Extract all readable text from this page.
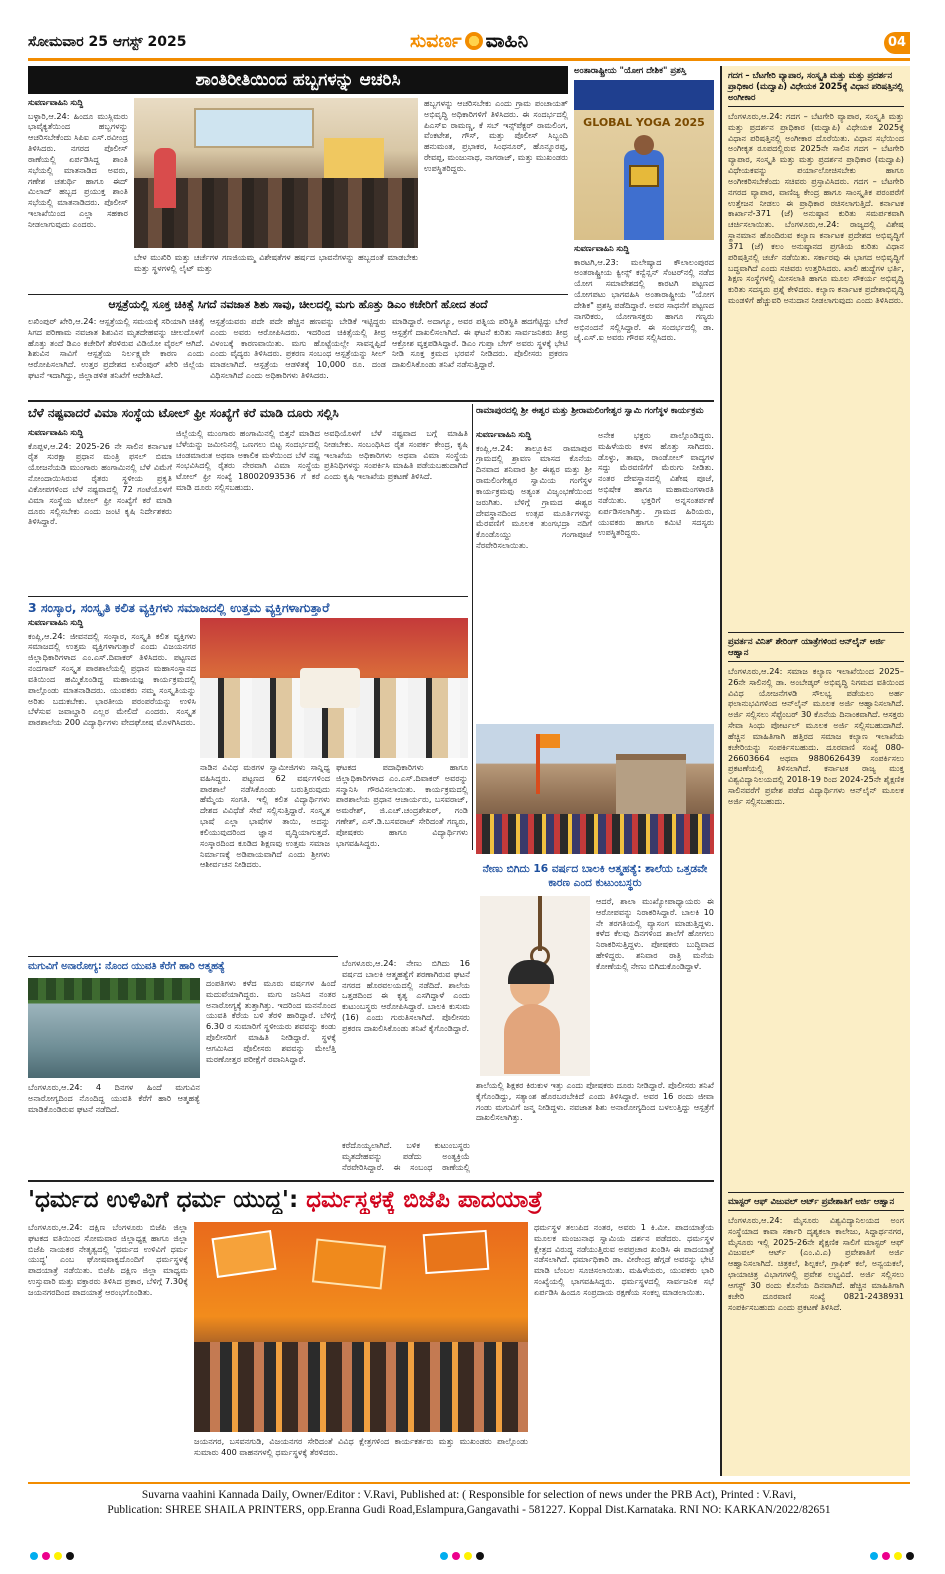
ಸೋಮವಾರ 25 ಆಗಸ್ಟ್ 2025	ಸುವರ್ಣ ವಾಹಿನಿ	04
ಶಾಂತಿರೀತಿಯಿಂದ ಹಬ್ಬಗಳನ್ನು ಆಚರಿಸಿ
ಸುವರ್ಣವಾಹಿನಿ ಸುದ್ದಿ
ಬಳ್ಳಾರಿ,ಆ.24: ಹಿಂದೂ ಮುಸ್ಲಿಮರು ಭಾವೈಕ್ಯತೆಯಿಂದ ಹಬ್ಬಗಳನ್ನು ಆಚರಿಸಬೇಕೆಂದು ಸಿಪಿಐ ಎಸ್.ರವೀಂದ್ರ ತಿಳಿಸಿದರು. ನಗರದ ಪೊಲೀಸ್ ಠಾಣೆಯಲ್ಲಿ ಏರ್ಪಡಿಸಿದ್ದ ಶಾಂತಿ ಸಭೆಯಲ್ಲಿ ಮಾತನಾಡಿದ ಅವರು, ಗಣೇಶ ಚತುರ್ಥಿ ಹಾಗೂ ಈದ್ ಮಿಲಾದ್ ಹಬ್ಬದ ಪ್ರಯುಕ್ತ ಶಾಂತಿ ಸಭೆಯಲ್ಲಿ ಮಾತನಾಡಿದರು. ಪೊಲೀಸ್ ಇಲಾಖೆಯಿಂದ ಎಲ್ಲಾ ಸಹಕಾರ ನೀಡಲಾಗುವುದು ಎಂದರು.
ಬೇಳ ಮುಖಿರಿ ಮತ್ತು ಚರ್ಚೆಗಳ ಗಣಜಿಯಮ್ಮ ವಿಶೇಷತೆಗಳ ಹರ್ಷದ ಭಾವನೆಗಳನ್ನು ಹಬ್ಬದಂತೆ ಮಾಡಬೇಕು ಮತ್ತು ಸ್ಥಳಗಳಲ್ಲಿ ಲೈಟ್ ಮತ್ತು
ಹಬ್ಬಗಳನ್ನು ಆಚರಿಸಬೇಕು ಎಂದು ಗ್ರಾಮ ಪಂಚಾಯತ್ ಅಭಿವೃದ್ಧಿ ಅಧಿಕಾರಿಗಳಿಗೆ ತಿಳಿಸಿದರು. ಈ ಸಂದರ್ಭದಲ್ಲಿ ಪಿಎಸ್ಐ ರಾಮಣ್ಣ, ಕೆ ಸಬ್ ಇನ್ಸ್‌ಪೆಕ್ಟರ್ ರಾಮಲಿಂಗ, ವೆಂಕಟೇಶ, ಗೌಸ್, ಮತ್ತು ಪೊಲೀಸ್ ಸಿಬ್ಬಂದಿ ಹನುಮಂತ, ಪ್ರಭಾಕರ, ಸಿಂಧನೂರ್, ಹೊನ್ನೂರಪ್ಪ, ರೇವಪ್ಪ, ಮಂಜುನಾಥ, ನಾಗರಾಜ್, ಮತ್ತು ಮುಖಂಡರು ಉಪಸ್ಥಿತರಿದ್ದರು.
ಆಸ್ಪತ್ರೆಯಲ್ಲಿ ಸೂಕ್ತ ಚಿಕಿತ್ಸೆ ಸಿಗದೆ ನವಜಾತ ಶಿಶು ಸಾವು, ಚೀಲದಲ್ಲಿ ಮಗು ಹೊತ್ತು ಡಿಎಂ ಕಚೇರಿಗೆ ಹೋದ ತಂದೆ
ಲಖಿಂಪುರ್ ಖೇರಿ,ಆ.24: ಆಸ್ಪತ್ರೆಯಲ್ಲಿ ಸಮಯಕ್ಕೆ ಸರಿಯಾಗಿ ಚಿಕಿತ್ಸೆ ಸಿಗದ ಪರಿಣಾಮ ನವಜಾತ ಶಿಶುವಿನ ಮೃತದೇಹವನ್ನು ಚೀಲದೊಳಗೆ ಹೊತ್ತು ತಂದೆ ಡಿಎಂ ಕಚೇರಿಗೆ ತೆರಳಿರುವ ವಿಡಿಯೋ ವೈರಲ್ ಆಗಿದೆ. ಶಿಶುವಿನ ಸಾವಿಗೆ ಆಸ್ಪತ್ರೆಯ ನಿರ್ಲಕ್ಷ್ಯವೇ ಕಾರಣ ಎಂದು ಆರೋಪಿಸಲಾಗಿದೆ. ಉತ್ತರ ಪ್ರದೇಶದ ಲಖಿಂಪುರ್ ಖೇರಿ ಜಿಲ್ಲೆಯ ಘಟನೆ ಇದಾಗಿದ್ದು, ಜಿಲ್ಲಾಡಳಿತ ತನಿಖೆಗೆ ಆದೇಶಿಸಿದೆ.
ಆಸ್ಪತ್ರೆಯವರು ಪದೇ ಪದೇ ಹೆಚ್ಚಿನ ಹಣವನ್ನು ಬೇಡಿಕೆ ಇಟ್ಟಿದ್ದರು ಎಂದು ಅವರು ಆರೋಪಿಸಿದರು. ಇದರಿಂದ ಚಿಕಿತ್ಸೆಯಲ್ಲಿ ತೀವ್ರ ವಿಳಂಬಕ್ಕೆ ಕಾರಣವಾಯಿತು. ಮಗು ಹೊಟ್ಟೆಯಲ್ಲೇ ಸಾವನ್ನಪ್ಪಿದೆ ಎಂದು ವೈದ್ಯರು ತಿಳಿಸಿದರು. ಪ್ರಕರಣ ಸಂಬಂಧ ಆಸ್ಪತ್ರೆಯನ್ನು ಸೀಲ್ ಮಾಡಲಾಗಿದೆ. ಆಸ್ಪತ್ರೆಯ ಆಡಳಿತಕ್ಕೆ 10,000 ರೂ. ದಂಡ ವಿಧಿಸಲಾಗಿದೆ ಎಂದು ಅಧಿಕಾರಿಗಳು ತಿಳಿಸಿದರು.
ಮಾಡಿದ್ದಾರೆ. ಅದಾಗ್ಯೂ, ಅವರ ಪತ್ನಿಯ ಪರಿಸ್ಥಿತಿ ಹದಗೆಟ್ಟಿದ್ದು ಬೇರೆ ಆಸ್ಪತ್ರೆಗೆ ದಾಖಲಿಸಲಾಗಿದೆ. ಈ ಘಟನೆ ಕುರಿತು ಸಾರ್ವಜನಿಕರು ತೀವ್ರ ಆಕ್ರೋಶ ವ್ಯಕ್ತಪಡಿಸಿದ್ದಾರೆ. ಡಿಎಂ ಗುಪ್ತಾ ಬೇಗ್ ಅವರು ಸ್ಥಳಕ್ಕೆ ಭೇಟಿ ನೀಡಿ ಸೂಕ್ತ ಕ್ರಮದ ಭರವಸೆ ನೀಡಿದರು. ಪೊಲೀಸರು ಪ್ರಕರಣ ದಾಖಲಿಸಿಕೊಂಡು ತನಿಖೆ ನಡೆಸುತ್ತಿದ್ದಾರೆ.
ಅಂತಾರಾಷ್ಟ್ರೀಯ "ಯೋಗ ದೇಶಿಕ" ಪ್ರಶಸ್ತಿ
GLOBAL YOGA 2025
ಸುವರ್ಣವಾಹಿನಿ ಸುದ್ದಿ
ಕಾರಟಗಿ,ಆ.23: ಮಲೇಷ್ಯಾದ ಕೌಲಾಲಂಪುರದ ಅಂತರಾಷ್ಟ್ರೀಯ ಕ್ವೀನ್ಸ್ ಕನ್ವೆನ್ಷನ್ ಸೆಂಟರ್‌ನಲ್ಲಿ ನಡೆದ ಯೋಗ ಸಮಾವೇಶದಲ್ಲಿ ಕಾರಟಗಿ ಪಟ್ಟಣದ ಯೋಗಪಟು ಭಾಗವಹಿಸಿ ಅಂತಾರಾಷ್ಟ್ರೀಯ "ಯೋಗ ದೇಶಿಕ" ಪ್ರಶಸ್ತಿ ಪಡೆದಿದ್ದಾರೆ. ಅವರ ಸಾಧನೆಗೆ ಪಟ್ಟಣದ ನಾಗರಿಕರು, ಯೋಗಾಸಕ್ತರು ಹಾಗೂ ಗಣ್ಯರು ಅಭಿನಂದನೆ ಸಲ್ಲಿಸಿದ್ದಾರೆ. ಈ ಸಂದರ್ಭದಲ್ಲಿ ಡಾ. ಜೈ.ಎಸ್.ಐ ಅವರು ಗೌರವ ಸಲ್ಲಿಸಿದರು.
ಬೆಳೆ ನಷ್ಟವಾದರೆ ವಿಮಾ ಸಂಸ್ಥೆಯ ಟೋಲ್ ಫ್ರೀ ಸಂಖ್ಯೆಗೆ ಕರೆ ಮಾಡಿ ದೂರು ಸಲ್ಲಿಸಿ
ಸುವರ್ಣವಾಹಿನಿ ಸುದ್ದಿ
ಕೊಪ್ಪಳ,ಆ.24: 2025-26 ನೇ ಸಾಲಿನ ಕರ್ನಾಟಕ ರೈತ ಸುರಕ್ಷಾ ಪ್ರಧಾನ ಮಂತ್ರಿ ಫಸಲ್ ಬಿಮಾ ಯೋಜನೆಯಡಿ ಮುಂಗಾರು ಹಂಗಾಮಿನಲ್ಲಿ ಬೆಳೆ ವಿಮೆಗೆ ನೋಂದಾಯಿಸಿರುವ ರೈತರು ಸ್ಥಳೀಯ ಪ್ರಕೃತಿ ವಿಕೋಪಗಳಿಂದ ಬೆಳೆ ನಷ್ಟವಾದಲ್ಲಿ 72 ಗಂಟೆಯೊಳಗೆ ವಿಮಾ ಸಂಸ್ಥೆಯ ಟೋಲ್ ಫ್ರೀ ಸಂಖ್ಯೆಗೆ ಕರೆ ಮಾಡಿ ದೂರು ಸಲ್ಲಿಸಬೇಕು ಎಂದು ಜಂಟಿ ಕೃಷಿ ನಿರ್ದೇಶಕರು ತಿಳಿಸಿದ್ದಾರೆ.
ಜಿಲ್ಲೆಯಲ್ಲಿ ಮುಂಗಾರು ಹಂಗಾಮಿನಲ್ಲಿ ಬಿತ್ತನೆ ಮಾಡಿದ ಬೆಳೆಯನ್ನು ಜಮೀನಿನಲ್ಲಿ ಒಣಗಲು ಬಿಟ್ಟ ಸಂದರ್ಭದಲ್ಲಿ ಚಂಡಮಾರುತ ಅಥವಾ ಅಕಾಲಿಕ ಮಳೆಯಿಂದ ಬೆಳೆ ನಷ್ಟ ಸಂಭವಿಸಿದಲ್ಲಿ ರೈತರು ನೇರವಾಗಿ ವಿಮಾ ಸಂಸ್ಥೆಯ ಟೋಲ್ ಫ್ರೀ ಸಂಖ್ಯೆ 18002093536 ಗೆ ಕರೆ ಮಾಡಿ ದೂರು ಸಲ್ಲಿಸಬಹುದು.
ಅವಧಿಯೊಳಗೆ ಬೆಳೆ ನಷ್ಟವಾದ ಬಗ್ಗೆ ಮಾಹಿತಿ ನೀಡಬೇಕು. ಸಂಬಂಧಿಸಿದ ರೈತ ಸಂಪರ್ಕ ಕೇಂದ್ರ, ಕೃಷಿ ಇಲಾಖೆಯ ಅಧಿಕಾರಿಗಳು ಅಥವಾ ವಿಮಾ ಸಂಸ್ಥೆಯ ಪ್ರತಿನಿಧಿಗಳನ್ನು ಸಂಪರ್ಕಿಸಿ ಮಾಹಿತಿ ಪಡೆಯಬಹುದಾಗಿದೆ ಎಂದು ಕೃಷಿ ಇಲಾಖೆಯ ಪ್ರಕಟಣೆ ತಿಳಿಸಿದೆ.
3 ಸಂಸ್ಕಾರ, ಸಂಸ್ಕೃತಿ ಕಲಿತ ವ್ಯಕ್ತಿಗಳು ಸಮಾಜದಲ್ಲಿ ಉತ್ತಮ ವ್ಯಕ್ತಿಗಳಾಗುತ್ತಾರೆ
ಸುವರ್ಣವಾಹಿನಿ ಸುದ್ದಿ
ಕಂಪ್ಲಿ,ಆ.24: ಜೀವನದಲ್ಲಿ ಸಂಸ್ಕಾರ, ಸಂಸ್ಕೃತಿ ಕಲಿತ ವ್ಯಕ್ತಿಗಳು ಸಮಾಜದಲ್ಲಿ ಉತ್ತಮ ವ್ಯಕ್ತಿಗಳಾಗುತ್ತಾರೆ ಎಂದು ವಿಜಯನಗರ ಜಿಲ್ಲಾಧಿಕಾರಿಗಳಾದ ಎಂ.ಎಸ್.ದಿವಾಕರ್ ತಿಳಿಸಿದರು. ಪಟ್ಟಣದ ನಂದಗಾವ್ ಸಂಸ್ಕೃತ ಪಾಠಶಾಲೆಯಲ್ಲಿ ಪ್ರಧಾನ ಮಹಾಸಂಸ್ಥಾನದ ವತಿಯಿಂದ ಹಮ್ಮಿಕೊಂಡಿದ್ದ ಮಹಾಯಜ್ಞ ಕಾರ್ಯಕ್ರಮದಲ್ಲಿ ಪಾಲ್ಗೊಂಡು ಮಾತನಾಡಿದರು. ಯುವಕರು ನಮ್ಮ ಸಂಸ್ಕೃತಿಯನ್ನು ಅರಿತು ಬದುಕಬೇಕು. ಭಾರತೀಯ ಪರಂಪರೆಯನ್ನು ಉಳಿಸಿ ಬೆಳೆಸುವ ಜವಾಬ್ದಾರಿ ಎಲ್ಲರ ಮೇಲಿದೆ ಎಂದರು. ಸಂಸ್ಕೃತ ಪಾಠಶಾಲೆಯ 200 ವಿದ್ಯಾರ್ಥಿಗಳು ವೇದಘೋಷ ಮೊಳಗಿಸಿದರು.
ನಾಡಿನ ವಿವಿಧ ಮಠಗಳ ಸ್ವಾಮೀಜಿಗಳು ಸಾನ್ನಿಧ್ಯ ವಹಿಸಿದ್ದರು. ಪಟ್ಟಣದ 62 ವರ್ಷಗಳಿಂದ ಪಾಠಶಾಲೆ ನಡೆಸಿಕೊಂಡು ಬರುತ್ತಿರುವುದು ಹೆಮ್ಮೆಯ ಸಂಗತಿ. ಇಲ್ಲಿ ಕಲಿತ ವಿದ್ಯಾರ್ಥಿಗಳು ದೇಶದ ವಿವಿಧೆಡೆ ಸೇವೆ ಸಲ್ಲಿಸುತ್ತಿದ್ದಾರೆ. ಸಂಸ್ಕೃತ ಭಾಷೆ ಎಲ್ಲಾ ಭಾಷೆಗಳ ತಾಯಿ, ಅದನ್ನು ಕಲಿಯುವುದರಿಂದ ಜ್ಞಾನ ವೃದ್ಧಿಯಾಗುತ್ತದೆ. ಸಂಸ್ಕಾರದಿಂದ ಕೂಡಿದ ಶಿಕ್ಷಣವು ಉತ್ತಮ ಸಮಾಜ ನಿರ್ಮಾಣಕ್ಕೆ ಅಡಿಪಾಯವಾಗಿದೆ ಎಂದು ಶ್ರೀಗಳು ಆಶೀರ್ವಚನ ನೀಡಿದರು.
ಘಟಕದ ಪದಾಧಿಕಾರಿಗಳು ಹಾಗೂ ಜಿಲ್ಲಾಧಿಕಾರಿಗಳಾದ ಎಂ.ಎಸ್.ದಿವಾಕರ್ ಅವರನ್ನು ಸನ್ಮಾನಿಸಿ ಗೌರವಿಸಲಾಯಿತು. ಕಾರ್ಯಕ್ರಮದಲ್ಲಿ ಪಾಠಶಾಲೆಯ ಪ್ರಧಾನ ಆಚಾರ್ಯರು, ಬಸವರಾಜ್, ಅಮರೇಶ್, ಜಿ.ಎಚ್.ಚಂದ್ರಶೇಖರ್, ಗಂಡಿ ಗಣೇಶ್, ಎಸ್.ಡಿ.ಬಸವರಾಜ್ ಸೇರಿದಂತೆ ಗಣ್ಯರು, ಪೋಷಕರು ಹಾಗೂ ವಿದ್ಯಾರ್ಥಿಗಳು ಭಾಗವಹಿಸಿದ್ದರು.
ರಾಮಾಪುರದಲ್ಲಿ ಶ್ರೀ ಈಶ್ವರ ಮತ್ತು ಶ್ರೀರಾಮಲಿಂಗೇಶ್ವರ ಸ್ವಾಮಿ ಗಂಗೆಸ್ಥಳ ಕಾರ್ಯಕ್ರಮ
ಸುವರ್ಣವಾಹಿನಿ ಸುದ್ದಿ
ಕಂಪ್ಲಿ,ಆ.24: ತಾಲ್ಲೂಕಿನ ರಾಮಾಪುರ ಗ್ರಾಮದಲ್ಲಿ ಶ್ರಾವಣ ಮಾಸದ ಕೊನೆಯ ದಿನವಾದ ಶನಿವಾರ ಶ್ರೀ ಈಶ್ವರ ಮತ್ತು ಶ್ರೀ ರಾಮಲಿಂಗೇಶ್ವರ ಸ್ವಾಮಿಯ ಗಂಗೆಸ್ಥಳ ಕಾರ್ಯಕ್ರಮವು ಅತ್ಯಂತ ವಿಜೃಂಭಣೆಯಿಂದ ಜರುಗಿತು. ಬೆಳಿಗ್ಗೆ ಗ್ರಾಮದ ಈಶ್ವರ ದೇವಸ್ಥಾನದಿಂದ ಉತ್ಸವ ಮೂರ್ತಿಗಳನ್ನು ಮೆರವಣಿಗೆ ಮೂಲಕ ತುಂಗಭದ್ರಾ ನದಿಗೆ ಕೊಂಡೊಯ್ದು ಗಂಗಾಪೂಜೆ ನೆರವೇರಿಸಲಾಯಿತು.
ಅನೇಕ ಭಕ್ತರು ಪಾಲ್ಗೊಂಡಿದ್ದರು. ಮಹಿಳೆಯರು ಕಳಸ ಹೊತ್ತು ಸಾಗಿದರು. ಡೊಳ್ಳು, ತಾಷಾ, ರಾಂಡೋಲ್ ವಾದ್ಯಗಳ ಸದ್ದು ಮೆರವಣಿಗೆಗೆ ಮೆರುಗು ನೀಡಿತು. ನಂತರ ದೇವಸ್ಥಾನದಲ್ಲಿ ವಿಶೇಷ ಪೂಜೆ, ಅಭಿಷೇಕ ಹಾಗೂ ಮಹಾಮಂಗಳಾರತಿ ನಡೆಯಿತು. ಭಕ್ತರಿಗೆ ಅನ್ನಸಂತರ್ಪಣೆ ಏರ್ಪಡಿಸಲಾಗಿತ್ತು. ಗ್ರಾಮದ ಹಿರಿಯರು, ಯುವಕರು ಹಾಗೂ ಕಮಿಟಿ ಸದಸ್ಯರು ಉಪಸ್ಥಿತರಿದ್ದರು.
ನೇಣು ಬಿಗಿದು 16 ವರ್ಷದ ಬಾಲಕಿ ಆತ್ಮಹತ್ಯೆ: ಶಾಲೆಯ ಒತ್ತಡವೇ ಕಾರಣ ಎಂದ ಕುಟುಂಬಸ್ಥರು
ಆದರೆ, ಶಾಲಾ ಮುಖ್ಯೋಪಾಧ್ಯಾಯರು ಈ ಆರೋಪವನ್ನು ನಿರಾಕರಿಸಿದ್ದಾರೆ. ಬಾಲಕಿ 10 ನೇ ತರಗತಿಯಲ್ಲಿ ವ್ಯಾಸಂಗ ಮಾಡುತ್ತಿದ್ದಳು. ಕಳೆದ ಕೆಲವು ದಿನಗಳಿಂದ ಶಾಲೆಗೆ ಹೋಗಲು ನಿರಾಕರಿಸುತ್ತಿದ್ದಳು. ಪೋಷಕರು ಬುದ್ಧಿವಾದ ಹೇಳಿದ್ದರು. ಶನಿವಾರ ರಾತ್ರಿ ಮನೆಯ ಕೋಣೆಯಲ್ಲಿ ನೇಣು ಬಿಗಿದುಕೊಂಡಿದ್ದಾಳೆ.
ಶಾಲೆಯಲ್ಲಿ ಶಿಕ್ಷಕರ ಕಿರುಕುಳ ಇತ್ತು ಎಂದು ಪೋಷಕರು ದೂರು ನೀಡಿದ್ದಾರೆ. ಪೊಲೀಸರು ತನಿಖೆ ಕೈಗೊಂಡಿದ್ದು, ಸತ್ಯಾಂಶ ಹೊರಬರಬೇಕಿದೆ ಎಂದು ತಿಳಿಸಿದ್ದಾರೆ. ಅವರ 16 ರಂದು ಜೀವಾ ಗಂಡು ಮಗುವಿಗೆ ಜನ್ಮ ನೀಡಿದ್ದಳು. ನವಜಾತ ಶಿಶು ಅನಾರೋಗ್ಯದಿಂದ ಬಳಲುತ್ತಿದ್ದು ಆಸ್ಪತ್ರೆಗೆ ದಾಖಲಿಸಲಾಗಿತ್ತು.
ಮಗುವಿಗೆ ಅನಾರೋಗ್ಯ: ನೊಂದ ಯುವತಿ ಕೆರೆಗೆ ಹಾರಿ ಆತ್ಮಹತ್ಯೆ
ಬೆಂಗಳೂರು,ಆ.24: 4 ದಿನಗಳ ಹಿಂದೆ ಮಗುವಿನ ಅನಾರೋಗ್ಯದಿಂದ ನೊಂದಿದ್ದ ಯುವತಿ ಕೆರೆಗೆ ಹಾರಿ ಆತ್ಮಹತ್ಯೆ ಮಾಡಿಕೊಂಡಿರುವ ಘಟನೆ ನಡೆದಿದೆ.
ದಂಪತಿಗಳು ಕಳೆದ ಮೂರು ವರ್ಷಗಳ ಹಿಂದೆ ಮದುವೆಯಾಗಿದ್ದರು. ಮಗು ಜನಿಸಿದ ನಂತರ ಅನಾರೋಗ್ಯಕ್ಕೆ ತುತ್ತಾಗಿತ್ತು. ಇದರಿಂದ ಮನನೊಂದ ಯುವತಿ ಕೆರೆಯ ಬಳಿ ತೆರಳಿ ಹಾರಿದ್ದಾರೆ. ಬೆಳಿಗ್ಗೆ 6.30 ರ ಸುಮಾರಿಗೆ ಸ್ಥಳೀಯರು ಶವವನ್ನು ಕಂಡು ಪೊಲೀಸರಿಗೆ ಮಾಹಿತಿ ನೀಡಿದ್ದಾರೆ. ಸ್ಥಳಕ್ಕೆ ಆಗಮಿಸಿದ ಪೊಲೀಸರು ಶವವನ್ನು ಮೇಲೆತ್ತಿ ಮರಣೋತ್ತರ ಪರೀಕ್ಷೆಗೆ ರವಾನಿಸಿದ್ದಾರೆ.
ಬೆಂಗಳೂರು,ಆ.24: ನೇಣು ಬಿಗಿದು 16 ವರ್ಷದ ಬಾಲಕಿ ಆತ್ಮಹತ್ಯೆಗೆ ಶರಣಾಗಿರುವ ಘಟನೆ ನಗರದ ಹೊರವಲಯದಲ್ಲಿ ನಡೆದಿದೆ. ಶಾಲೆಯ ಒತ್ತಡದಿಂದ ಈ ಕೃತ್ಯ ಎಸಗಿದ್ದಾಳೆ ಎಂದು ಕುಟುಂಬಸ್ಥರು ಆರೋಪಿಸಿದ್ದಾರೆ. ಬಾಲಕಿ ಕುಸುಮ (16) ಎಂದು ಗುರುತಿಸಲಾಗಿದೆ. ಪೊಲೀಸರು ಪ್ರಕರಣ ದಾಖಲಿಸಿಕೊಂಡು ತನಿಖೆ ಕೈಗೊಂಡಿದ್ದಾರೆ.
ಕರೆದೊಯ್ಯಲಾಗಿದೆ. ಬಳಿಕ ಕುಟುಂಬಸ್ಥರು ಮೃತದೇಹವನ್ನು ಪಡೆದು ಅಂತ್ಯಕ್ರಿಯೆ ನೆರವೇರಿಸಿದ್ದಾರೆ. ಈ ಸಂಬಂಧ ಠಾಣೆಯಲ್ಲಿ
'ಧರ್ಮದ ಉಳಿವಿಗೆ ಧರ್ಮ ಯುದ್ಧ': ಧರ್ಮಸ್ಥಳಕ್ಕೆ ಬಿಜೆಪಿ ಪಾದಯಾತ್ರೆ
ಬೆಂಗಳೂರು,ಆ.24: ದಕ್ಷಿಣ ಬೆಂಗಳೂರು ಬಿಜೆಪಿ ಜಿಲ್ಲಾ ಘಟಕದ ವತಿಯಿಂದ ಸೋಮವಾರ ಜಿಲ್ಲಾಧ್ಯಕ್ಷ ಹಾಗೂ ಜಿಲ್ಲಾ ಬಿಜೆಪಿ ನಾಯಕರ ನೇತೃತ್ವದಲ್ಲಿ 'ಧರ್ಮದ ಉಳಿವಿಗೆ ಧರ್ಮ ಯುದ್ಧ' ಎಂಬ ಘೋಷವಾಕ್ಯದೊಂದಿಗೆ ಧರ್ಮಸ್ಥಳಕ್ಕೆ ಪಾದಯಾತ್ರೆ ನಡೆಯಿತು. ಬಿಜೆಪಿ ದಕ್ಷಿಣ ಜಿಲ್ಲಾ ಮಾಧ್ಯಮ ಉಸ್ತುವಾರಿ ಮತ್ತು ವಕ್ತಾರರು ತಿಳಿಸಿದ ಪ್ರಕಾರ, ಬೆಳಿಗ್ಗೆ 7.30ಕ್ಕೆ ಜಯನಗರದಿಂದ ಪಾದಯಾತ್ರೆ ಆರಂಭಗೊಂಡಿತು.
ಜಯನಗರ, ಬಸವನಗುಡಿ, ವಿಜಯನಗರ ಸೇರಿದಂತೆ ವಿವಿಧ ಕ್ಷೇತ್ರಗಳಿಂದ ಕಾರ್ಯಕರ್ತರು ಮತ್ತು ಮುಖಂಡರು ಪಾಲ್ಗೊಂಡು ಸುಮಾರು 400 ವಾಹನಗಳಲ್ಲಿ ಧರ್ಮಸ್ಥಳಕ್ಕೆ ತೆರಳಿದರು.
ಧರ್ಮಸ್ಥಳ ತಲುಪಿದ ನಂತರ, ಅವರು 1 ಕಿ.ಮೀ. ಪಾದಯಾತ್ರೆಯ ಮೂಲಕ ಮಂಜುನಾಥ ಸ್ವಾಮಿಯ ದರ್ಶನ ಪಡೆದರು. ಧರ್ಮಸ್ಥಳ ಕ್ಷೇತ್ರದ ವಿರುದ್ಧ ನಡೆಯುತ್ತಿರುವ ಅಪಪ್ರಚಾರ ಖಂಡಿಸಿ ಈ ಪಾದಯಾತ್ರೆ ನಡೆಸಲಾಗಿದೆ. ಧರ್ಮಾಧಿಕಾರಿ ಡಾ. ವೀರೇಂದ್ರ ಹೆಗ್ಗಡೆ ಅವರನ್ನು ಭೇಟಿ ಮಾಡಿ ಬೆಂಬಲ ಸೂಚಿಸಲಾಯಿತು. ಮಹಿಳೆಯರು, ಯುವಕರು ಭಾರಿ ಸಂಖ್ಯೆಯಲ್ಲಿ ಭಾಗವಹಿಸಿದ್ದರು. ಧರ್ಮಸ್ಥಳದಲ್ಲಿ ಸಾರ್ವಜನಿಕ ಸಭೆ ಏರ್ಪಡಿಸಿ ಹಿಂದೂ ಸಂಪ್ರದಾಯ ರಕ್ಷಣೆಯ ಸಂಕಲ್ಪ ಮಾಡಲಾಯಿತು.
ಗದಗ – ಬೆಟಗೇರಿ ವ್ಯಾಪಾರ, ಸಂಸ್ಕೃತಿ ಮತ್ತು ಮತ್ತು ಪ್ರದರ್ಶನ ಪ್ರಾಧಿಕಾರ (ಮದ್ವಾಪಿ) ವಿಧೇಯಕ 2025ಕ್ಕೆ ವಿಧಾನ ಪರಿಷತ್ತಿನಲ್ಲಿ ಅಂಗೀಕಾರ
ಬೆಂಗಳೂರು,ಆ.24: ಗದಗ – ಬೆಟಗೇರಿ ವ್ಯಾಪಾರ, ಸಂಸ್ಕೃತಿ ಮತ್ತು ಮತ್ತು ಪ್ರದರ್ಶನ ಪ್ರಾಧಿಕಾರ (ಮದ್ವಾಪಿ) ವಿಧೇಯಕ 2025ಕ್ಕೆ ವಿಧಾನ ಪರಿಷತ್ತಿನಲ್ಲಿ ಅಂಗೀಕಾರ ದೊರೆಯಿತು. ವಿಧಾನ ಸಭೆಯಿಂದ ಅಂಗೀಕೃತ ರೂಪದಲ್ಲಿರುವ 2025ನೇ ಸಾಲಿನ ಗದಗ – ಬೆಟಗೇರಿ ವ್ಯಾಪಾರ, ಸಂಸ್ಕೃತಿ ಮತ್ತು ಮತ್ತು ಪ್ರದರ್ಶನ ಪ್ರಾಧಿಕಾರ (ಮದ್ವಾಪಿ) ವಿಧೇಯಕವನ್ನು ಪರ್ಯಾಲೋಚಿಸಬೇಕು ಹಾಗೂ ಅಂಗೀಕರಿಸಬೇಕೆಂದು ಸಚಿವರು ಪ್ರಸ್ತಾವಿಸಿದರು. ಗದಗ – ಬೆಟಗೇರಿ ನಗರದ ವ್ಯಾಪಾರ, ವಾಣಿಜ್ಯ ಕೇಂದ್ರ ಹಾಗೂ ಸಾಂಸ್ಕೃತಿಕ ಪರಂಪರೆಗೆ ಉತ್ತೇಜನ ನೀಡಲು ಈ ಪ್ರಾಧಿಕಾರ ರಚಿಸಲಾಗುತ್ತಿದೆ. ಕರ್ನಾಟಕ ಕಾರ್ಖಾನೆ-371 (ಜೆ) ಅನುಷ್ಠಾನ ಕುರಿತು ಸಮರ್ಪಕವಾಗಿ ಚರ್ಚಿಸಲಾಯಿತು. ಬೆಂಗಳೂರು,ಆ.24: ರಾಜ್ಯದಲ್ಲಿ ವಿಶೇಷ ಸ್ಥಾನಮಾನ ಹೊಂದಿರುವ ಕಲ್ಯಾಣ ಕರ್ನಾಟಕ ಪ್ರದೇಶದ ಅಭಿವೃದ್ಧಿಗೆ 371 (ಜೆ) ಕಲಂ ಅನುಷ್ಠಾನದ ಪ್ರಗತಿಯ ಕುರಿತು ವಿಧಾನ ಪರಿಷತ್ತಿನಲ್ಲಿ ಚರ್ಚೆ ನಡೆಯಿತು. ಸರ್ಕಾರವು ಈ ಭಾಗದ ಅಭಿವೃದ್ಧಿಗೆ ಬದ್ಧವಾಗಿದೆ ಎಂದು ಸಚಿವರು ಉತ್ತರಿಸಿದರು. ಖಾಲಿ ಹುದ್ದೆಗಳ ಭರ್ತಿ, ಶಿಕ್ಷಣ ಸಂಸ್ಥೆಗಳಲ್ಲಿ ಮೀಸಲಾತಿ ಹಾಗೂ ಮೂಲ ಸೌಕರ್ಯ ಅಭಿವೃದ್ಧಿ ಕುರಿತು ಸದಸ್ಯರು ಪ್ರಶ್ನೆ ಕೇಳಿದರು. ಕಲ್ಯಾಣ ಕರ್ನಾಟಕ ಪ್ರದೇಶಾಭಿವೃದ್ಧಿ ಮಂಡಳಿಗೆ ಹೆಚ್ಚುವರಿ ಅನುದಾನ ನೀಡಲಾಗುವುದು ಎಂದು ತಿಳಿಸಿದರು.
ಪ್ರವರ್ತನ ವಿನಿತ್ ಶೇರಿಂಗ್ ಯಾತ್ರೆಗಳಿಂದ ಆನ್‌ಲೈನ್ ಅರ್ಜಿ ಆಹ್ವಾನ
ಬೆಂಗಳೂರು,ಆ.24: ಸಮಾಜ ಕಲ್ಯಾಣ ಇಲಾಖೆಯಿಂದ 2025–26ನೇ ಸಾಲಿನಲ್ಲಿ ಡಾ. ಅಂಬೇಡ್ಕರ್ ಅಭಿವೃದ್ಧಿ ನಿಗಮದ ವತಿಯಿಂದ ವಿವಿಧ ಯೋಜನೆಗಳಡಿ ಸೌಲಭ್ಯ ಪಡೆಯಲು ಅರ್ಹ ಫಲಾನುಭವಿಗಳಿಂದ ಆನ್‌ಲೈನ್ ಮೂಲಕ ಅರ್ಜಿ ಆಹ್ವಾನಿಸಲಾಗಿದೆ. ಅರ್ಜಿ ಸಲ್ಲಿಸಲು ಸೆಪ್ಟೆಂಬರ್ 30 ಕೊನೆಯ ದಿನಾಂಕವಾಗಿದೆ. ಆಸಕ್ತರು ಸೇವಾ ಸಿಂಧು ಪೋರ್ಟಲ್ ಮೂಲಕ ಅರ್ಜಿ ಸಲ್ಲಿಸಬಹುದಾಗಿದೆ. ಹೆಚ್ಚಿನ ಮಾಹಿತಿಗಾಗಿ ಹತ್ತಿರದ ಸಮಾಜ ಕಲ್ಯಾಣ ಇಲಾಖೆಯ ಕಚೇರಿಯನ್ನು ಸಂಪರ್ಕಿಸಬಹುದು. ದೂರವಾಣಿ ಸಂಖ್ಯೆ 080-26603664 ಅಥವಾ 9880626439 ಸಂಪರ್ಕಿಸಲು ಪ್ರಕಟಣೆಯಲ್ಲಿ ತಿಳಿಸಲಾಗಿದೆ. ಕರ್ನಾಟಕ ರಾಜ್ಯ ಮುಕ್ತ ವಿಶ್ವವಿದ್ಯಾನಿಲಯದಲ್ಲಿ 2018-19 ರಿಂದ 2024-25ನೇ ಶೈಕ್ಷಣಿಕ ಸಾಲಿನವರೆಗೆ ಪ್ರವೇಶ ಪಡೆದ ವಿದ್ಯಾರ್ಥಿಗಳು ಆನ್‌ಲೈನ್ ಮೂಲಕ ಅರ್ಜಿ ಸಲ್ಲಿಸಬಹುದು.
ಮಾಸ್ಟರ್ ಆಫ್ ವಿಜುವಲ್ ಆರ್ಟ್ ಪ್ರವೇಶಾತಿಗೆ ಅರ್ಜಿ ಆಹ್ವಾನ
ಬೆಂಗಳೂರು,ಆ.24: ಮೈಸೂರು ವಿಶ್ವವಿದ್ಯಾನಿಲಯದ ಅಂಗ ಸಂಸ್ಥೆಯಾದ ಕಾವಾ ಸರ್ಕಾರಿ ದೃಶ್ಯಕಲಾ ಕಾಲೇಜು, ಸಿದ್ದಾರ್ಥನಗರ, ಮೈಸೂರು ಇಲ್ಲಿ 2025-26ನೇ ಶೈಕ್ಷಣಿಕ ಸಾಲಿಗೆ ಮಾಸ್ಟರ್ ಆಫ್ ವಿಜುವಲ್ ಆರ್ಟ್ (ಎಂ.ವಿ.ಎ) ಪ್ರವೇಶಾತಿಗೆ ಅರ್ಜಿ ಆಹ್ವಾನಿಸಲಾಗಿದೆ. ಚಿತ್ರಕಲೆ, ಶಿಲ್ಪಕಲೆ, ಗ್ರಾಫಿಕ್ ಕಲೆ, ಅನ್ವಯಕಲೆ, ಛಾಯಾಚಿತ್ರ ವಿಭಾಗಗಳಲ್ಲಿ ಪ್ರವೇಶ ಲಭ್ಯವಿದೆ. ಅರ್ಜಿ ಸಲ್ಲಿಸಲು ಆಗಸ್ಟ್ 30 ರಂದು ಕೊನೆಯ ದಿನವಾಗಿದೆ. ಹೆಚ್ಚಿನ ಮಾಹಿತಿಗಾಗಿ ಕಚೇರಿ ದೂರವಾಣಿ ಸಂಖ್ಯೆ 0821-2438931 ಸಂಪರ್ಕಿಸಬಹುದು ಎಂದು ಪ್ರಕಟಣೆ ತಿಳಿಸಿದೆ.
Suvarna vaahini Kannada Daily, Owner/Editor : V.Ravi, Published at: ( Responsible for selection of news under the PRB Act), Printed : V.Ravi,
Publication: SHREE SHAILA PRINTERS, opp.Eranna Gudi Road,Eslampura,Gangavathi - 581227. Koppal Dist.Karnataka. RNI NO: KARKAN/2022/82651
